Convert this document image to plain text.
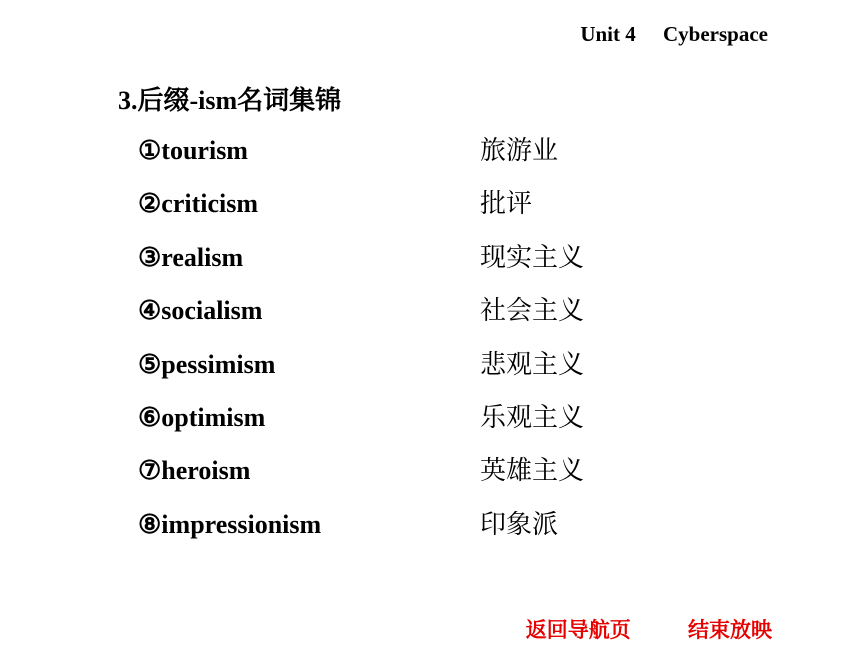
Unit 4 Cyberspace
3.后缀-ism名词集锦
①tourism	旅游业
②criticism	批评
③realism	现实主义
④socialism	社会主义
⑤pessimism	悲观主义
⑥optimism	乐观主义
⑦heroism	英雄主义
⑧impressionism	印象派
返回导航页	结束放映
